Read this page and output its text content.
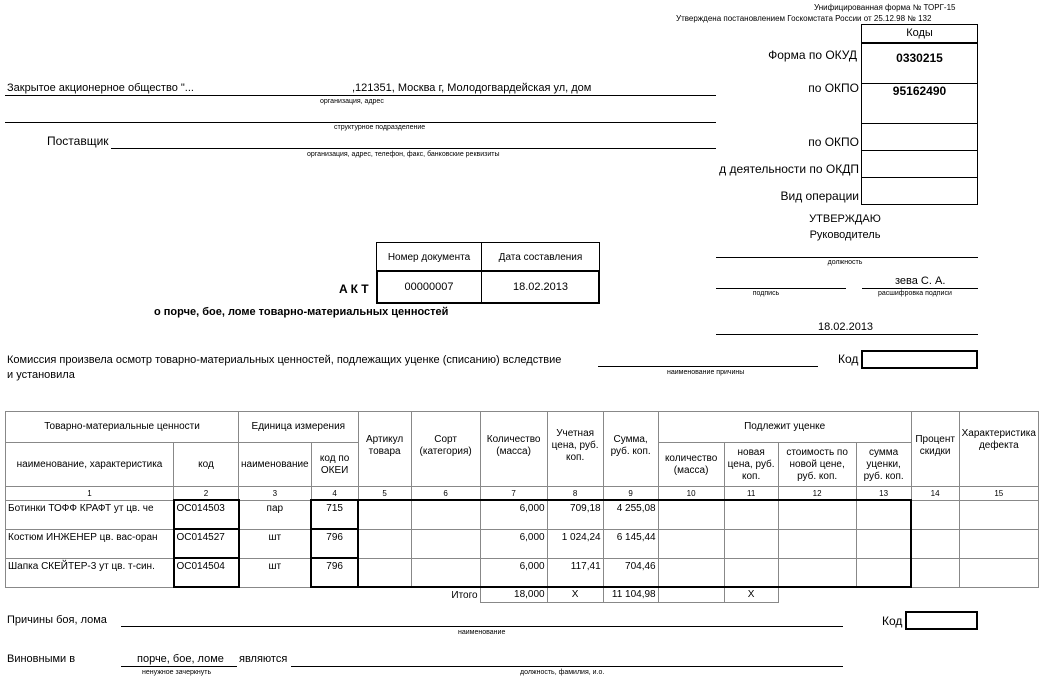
Унифицированная форма № ТОРГ-15
Утверждена постановлением Госкомстата России от 25.12.98 № 132
Коды
0330215
95162490
Форма по ОКУД
по ОКПО
по ОКПО
д деятельности по ОКДП
Вид операции
Закрытое акционерное общество "...	,121351, Москва г, Молодогвардейская ул, дом
организация, адрес
структурное подразделение
Поставщик
организация, адрес, телефон, факс, банковские реквизиты
УТВЕРЖДАЮ
Руководитель
должность
подпись
зева С. А.
расшифровка подписи
18.02.2013
Номер документа	Дата составления
00000007	18.02.2013
АКТ
о порче, бое, ломе товарно-материальных ценностей
Комиссия произвела осмотр товарно-материальных ценностей, подлежащих уценке (списанию) вследствие
и установила	наименование причины
Код
Товарно-материальные ценности		Единица измерения		Артикул товара	Сорт (категория)	Количество (масса)	Учетная цена, руб. коп.	Сумма, руб. коп.	Подлежит уценке				Процент скидки	Характеристика дефекта
наименование, характеристика	код	наименование	код по ОКЕИ						количество (масса)	новая цена, руб. коп.	стоимость по новой цене, руб. коп.	сумма уценки, руб. коп.		
1	2	3	4	5	6	7	8	9	10	11	12	13	14	15
Ботинки ТОФФ КРАФТ ут цв. че	ОС014503	пар	715			6,000	709,18	4 255,08						
Костюм ИНЖЕНЕР цв. вас-оран	ОС014527	шт	796			6,000	1 024,24	6 145,44						
Шапка СКЕЙТЕР-3 ут цв. т-син.	ОС014504	шт	796			6,000	117,41	704,46						
Итого						18,000	Х	11 104,98		Х				
Причины боя, лома
наименование
Код
Виновными в	порче, бое, ломе
ненужное зачеркнуть
являются
должность, фамилия, и.о.
